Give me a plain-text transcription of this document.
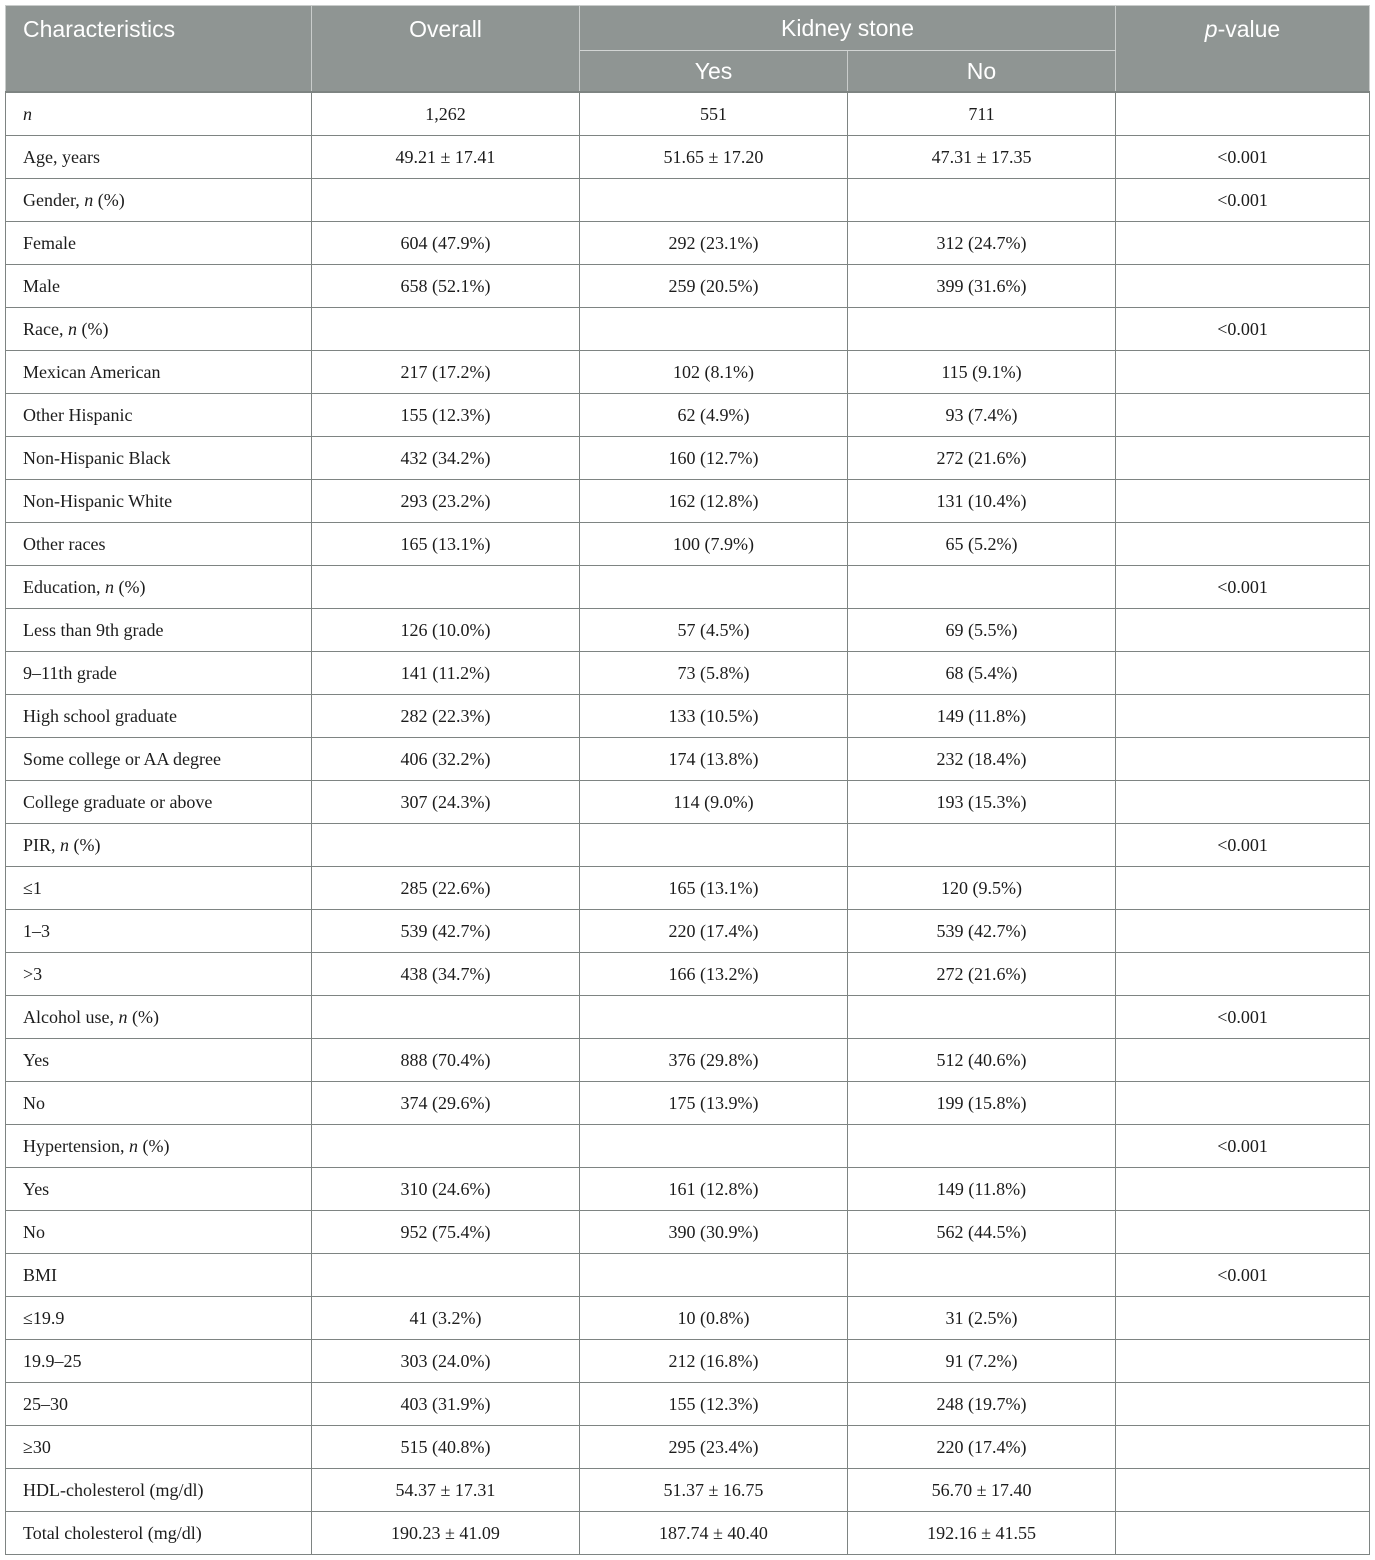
Characteristics	Overall	Kidney stone		p-value
		Yes	No	
n	1,262	551	711	
Age, years	49.21 ± 17.41	51.65 ± 17.20	47.31 ± 17.35	<0.001
Gender, n (%)				<0.001
Female	604 (47.9%)	292 (23.1%)	312 (24.7%)	
Male	658 (52.1%)	259 (20.5%)	399 (31.6%)	
Race, n (%)				<0.001
Mexican American	217 (17.2%)	102 (8.1%)	115 (9.1%)	
Other Hispanic	155 (12.3%)	62 (4.9%)	93 (7.4%)	
Non-Hispanic Black	432 (34.2%)	160 (12.7%)	272 (21.6%)	
Non-Hispanic White	293 (23.2%)	162 (12.8%)	131 (10.4%)	
Other races	165 (13.1%)	100 (7.9%)	65 (5.2%)	
Education, n (%)				<0.001
Less than 9th grade	126 (10.0%)	57 (4.5%)	69 (5.5%)	
9–11th grade	141 (11.2%)	73 (5.8%)	68 (5.4%)	
High school graduate	282 (22.3%)	133 (10.5%)	149 (11.8%)	
Some college or AA degree	406 (32.2%)	174 (13.8%)	232 (18.4%)	
College graduate or above	307 (24.3%)	114 (9.0%)	193 (15.3%)	
PIR, n (%)				<0.001
≤1	285 (22.6%)	165 (13.1%)	120 (9.5%)	
1–3	539 (42.7%)	220 (17.4%)	539 (42.7%)	
>3	438 (34.7%)	166 (13.2%)	272 (21.6%)	
Alcohol use, n (%)				<0.001
Yes	888 (70.4%)	376 (29.8%)	512 (40.6%)	
No	374 (29.6%)	175 (13.9%)	199 (15.8%)	
Hypertension, n (%)				<0.001
Yes	310 (24.6%)	161 (12.8%)	149 (11.8%)	
No	952 (75.4%)	390 (30.9%)	562 (44.5%)	
BMI				<0.001
≤19.9	41 (3.2%)	10 (0.8%)	31 (2.5%)	
19.9–25	303 (24.0%)	212 (16.8%)	91 (7.2%)	
25–30	403 (31.9%)	155 (12.3%)	248 (19.7%)	
≥30	515 (40.8%)	295 (23.4%)	220 (17.4%)	
HDL-cholesterol (mg/dl)	54.37 ± 17.31	51.37 ± 16.75	56.70 ± 17.40	
Total cholesterol (mg/dl)	190.23 ± 41.09	187.74 ± 40.40	192.16 ± 41.55	
